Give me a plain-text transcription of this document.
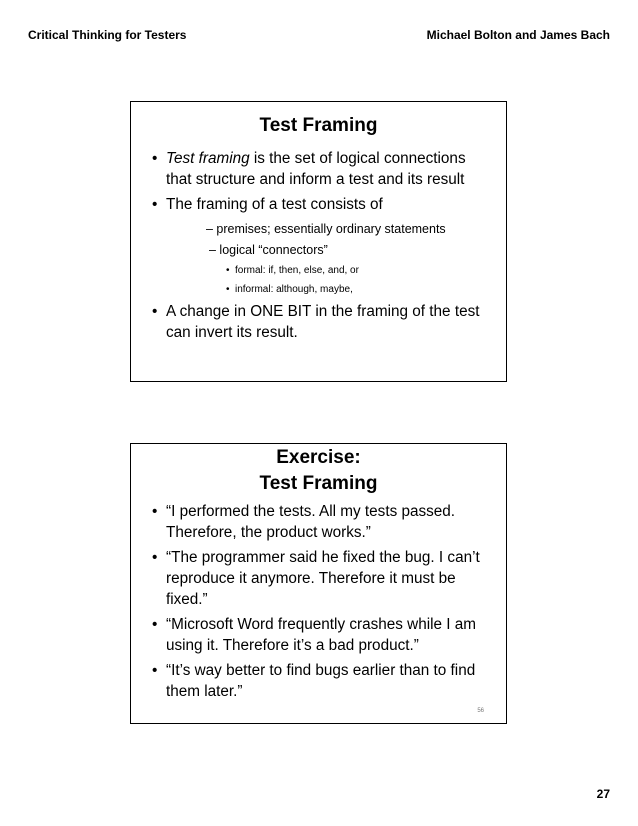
Critical Thinking for Testers	Michael Bolton and James Bach
Test Framing
• Test framing is the set of logical connections
that structure and inform a test and its result
• The framing of a test consists of
– premises; essentially ordinary statements
– logical “connectors”
• formal: if, then, else, and, or
• informal: although, maybe,
• A change in ONE BIT in the framing of the test can invert its result.
Exercise:
Test Framing
• “I performed the tests. All my tests passed. Therefore, the product works.”
• “The programmer said he fixed the bug. I can’t reproduce it anymore. Therefore it must be fixed.”
• “Microsoft Word frequently crashes while I am using it. Therefore it’s a bad product.”
• “It’s way better to find bugs earlier than to find them later.”
56
27
